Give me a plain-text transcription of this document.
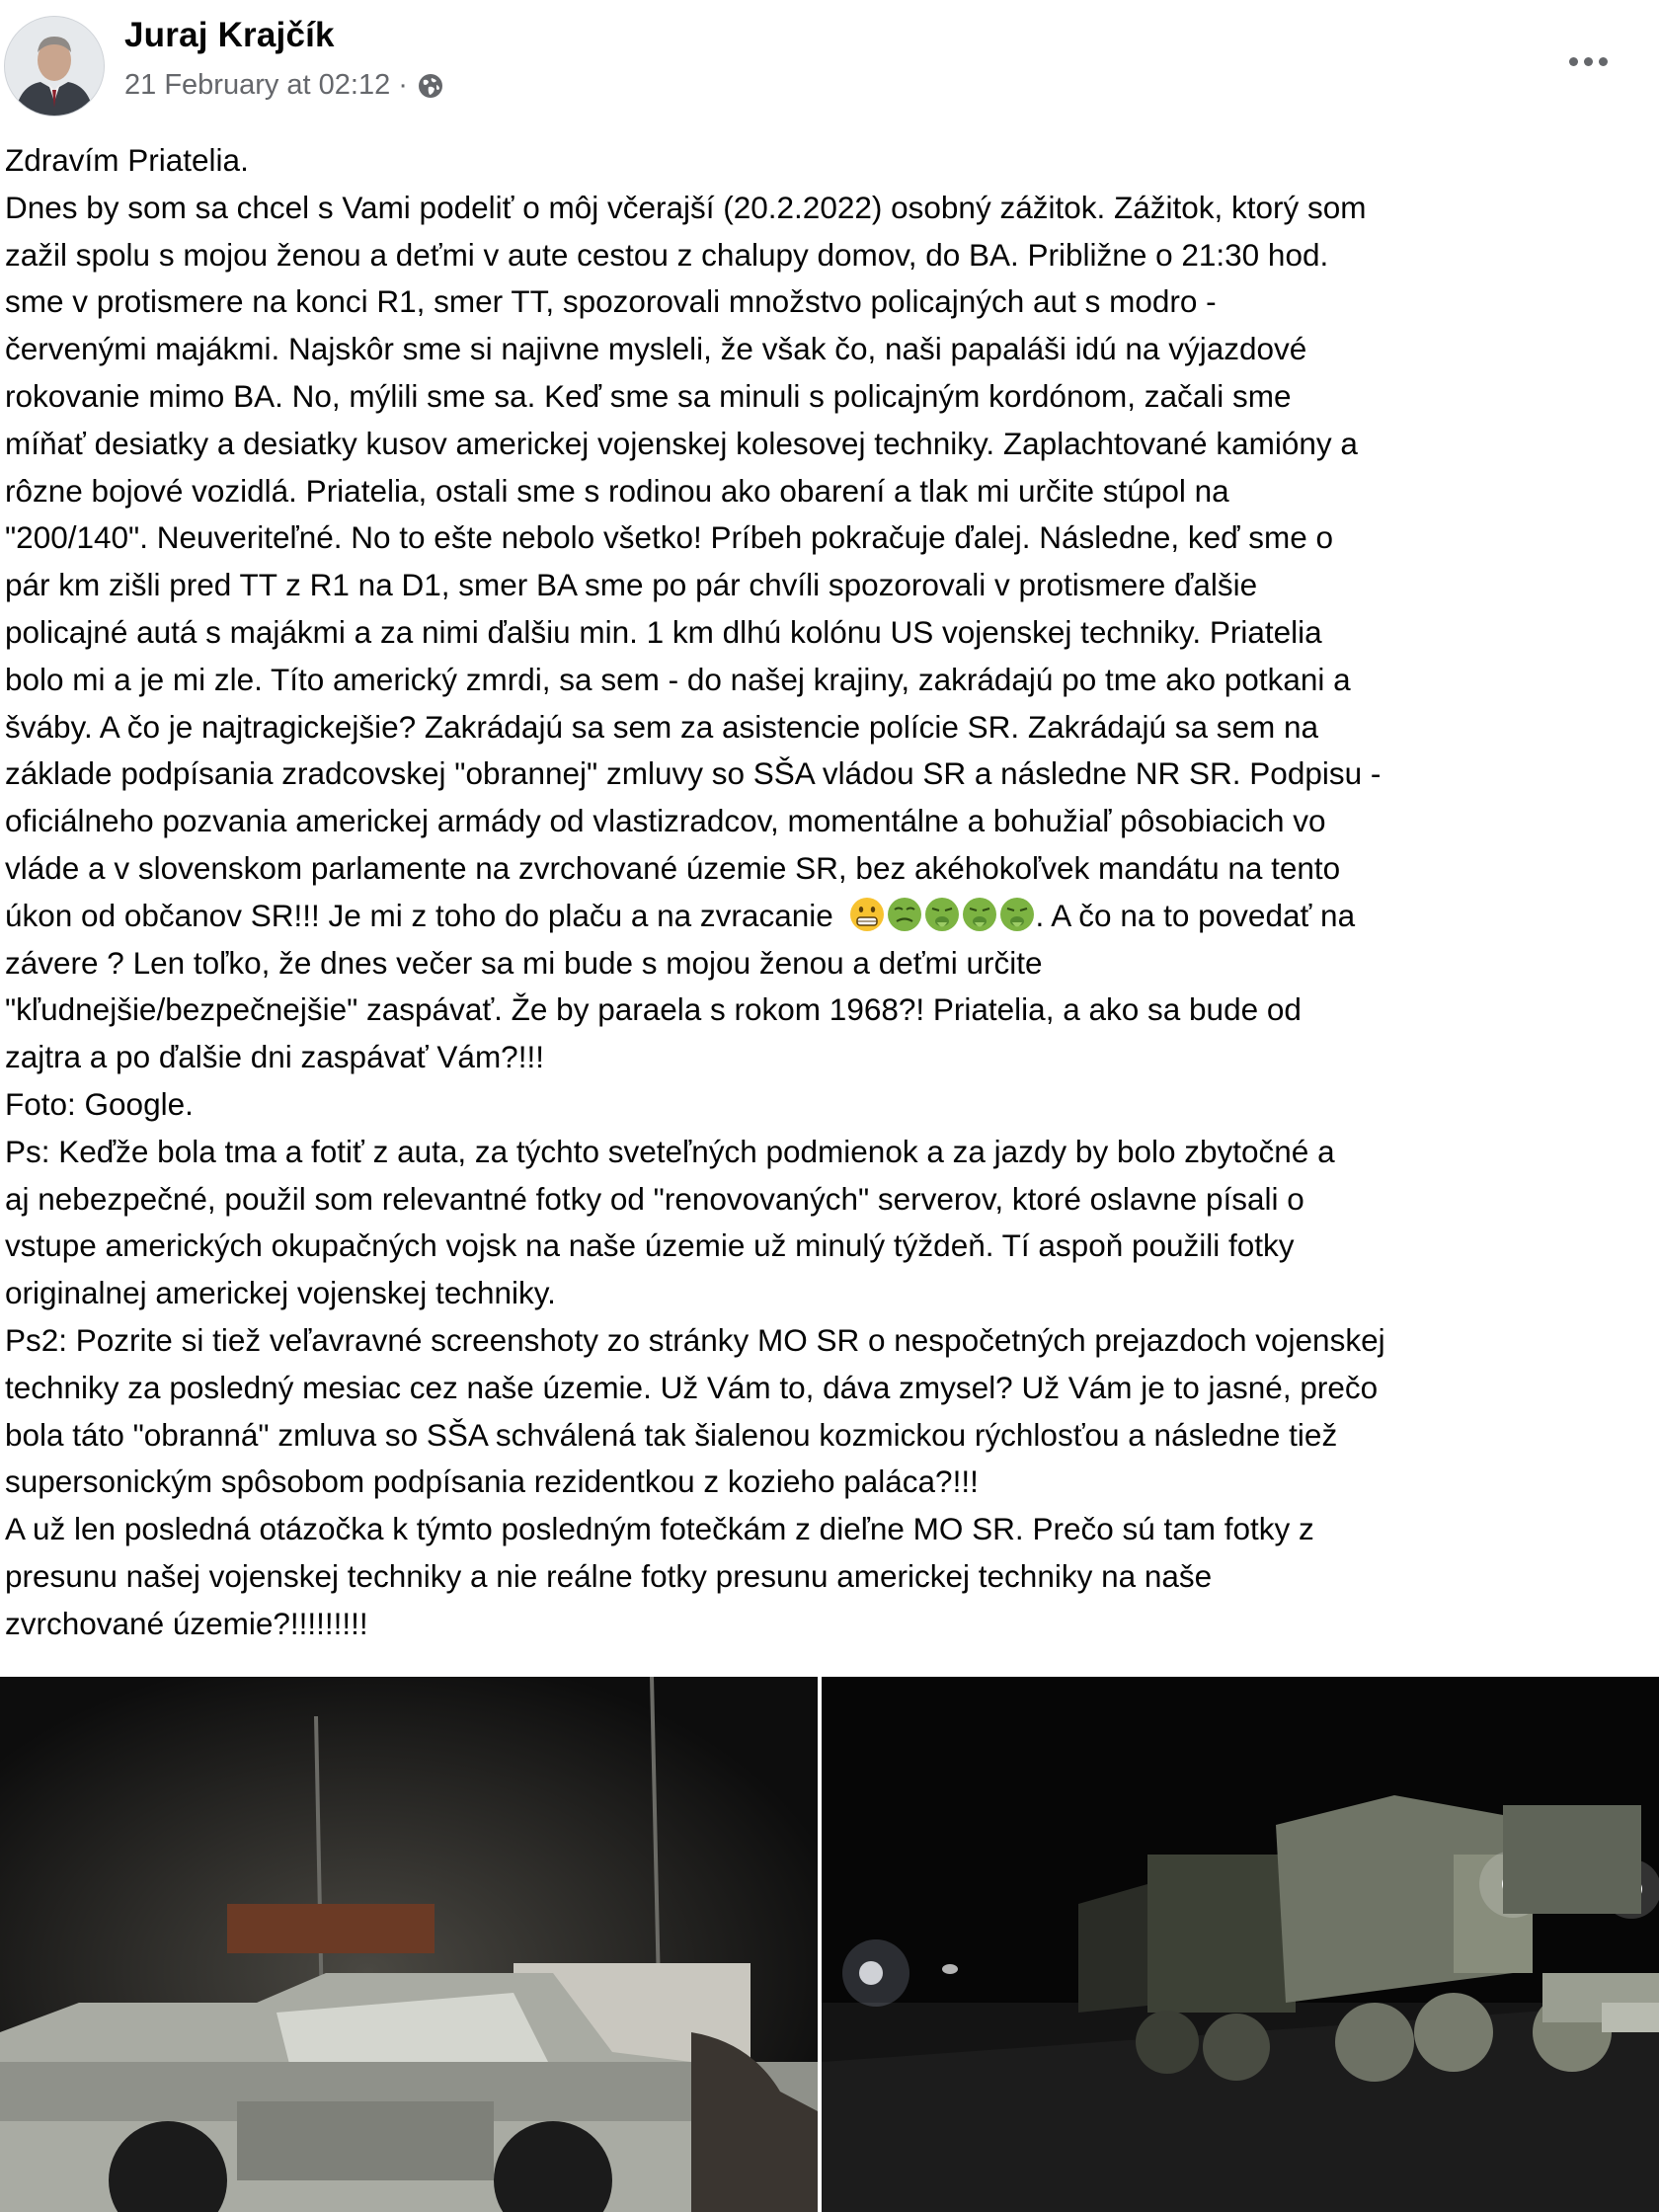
Juraj Krajčík
21 February at 02:12 ·
Zdravím Priatelia.
Dnes by som sa chcel s Vami podeliť o môj včerajší (20.2.2022) osobný zážitok. Zážitok, ktorý som
zažil spolu s mojou ženou a deťmi v aute cestou z chalupy domov, do BA. Približne o 21:30 hod.
sme v protismere na konci R1, smer TT, spozorovali množstvo policajných aut s modro -
červenými majákmi. Najskôr sme si najivne mysleli, že však čo, naši papaláši idú na výjazdové
rokovanie mimo BA. No, mýlili sme sa. Keď sme sa minuli s policajným kordónom, začali sme
míňať desiatky a desiatky kusov americkej vojenskej kolesovej techniky. Zaplachtované kamióny a
rôzne bojové vozidlá. Priatelia, ostali sme s rodinou ako obarení a tlak mi určite stúpol na
"200/140". Neuveriteľné. No to ešte nebolo všetko! Príbeh pokračuje ďalej. Následne, keď sme o
pár km zišli pred TT z R1 na D1, smer BA sme po pár chvíli spozorovali v protismere ďalšie
policajné autá s majákmi a za nimi ďalšiu min. 1 km dlhú kolónu US vojenskej techniky. Priatelia
bolo mi a je mi zle. Títo americký zmrdi, sa sem - do našej krajiny, zakrádajú po tme ako potkani a
šváby. A čo je najtragickejšie? Zakrádajú sa sem za asistencie polície SR. Zakrádajú sa sem na
základe podpísania zradcovskej "obrannej" zmluvy so SŠA vládou SR a následne NR SR. Podpisu -
oficiálneho pozvania americkej armády od vlastizradcov, momentálne a bohužiaľ pôsobiacich vo
vláde a v slovenskom parlamente na zvrchované územie SR, bez akéhokoľvek mandátu na tento
úkon od občanov SR!!! Je mi z toho do plaču a na zvracanie	. A čo na to povedať na
závere ? Len toľko, že dnes večer sa mi bude s mojou ženou a deťmi určite
"kľudnejšie/bezpečnejšie" zaspávať. Že by paraela s rokom 1968?! Priatelia, a ako sa bude od
zajtra a po ďalšie dni zaspávať Vám?!!!
Foto: Google.
Ps: Keďže bola tma a fotiť z auta, za týchto sveteľných podmienok a za jazdy by bolo zbytočné a
aj nebezpečné, použil som relevantné fotky od "renovovaných" serverov, ktoré oslavne písali o
vstupe amerických okupačných vojsk na naše územie už minulý týždeň. Tí aspoň použili fotky
originalnej americkej vojenskej techniky.
Ps2: Pozrite si tiež veľavravné screenshoty zo stránky MO SR o nespočetných prejazdoch vojenskej
techniky za posledný mesiac cez naše územie. Už Vám to, dáva zmysel? Už Vám je to jasné, prečo
bola táto "obranná" zmluva so SŠA schválená tak šialenou kozmickou rýchlosťou a následne tiež
supersonickým spôsobom podpísania rezidentkou z kozieho paláca?!!!
A už len posledná otázočka k týmto posledným fotečkám z dieľne MO SR. Prečo sú tam fotky z
presunu našej vojenskej techniky a nie reálne fotky presunu americkej techniky na naše
zvrchované územie?!!!!!!!!!
